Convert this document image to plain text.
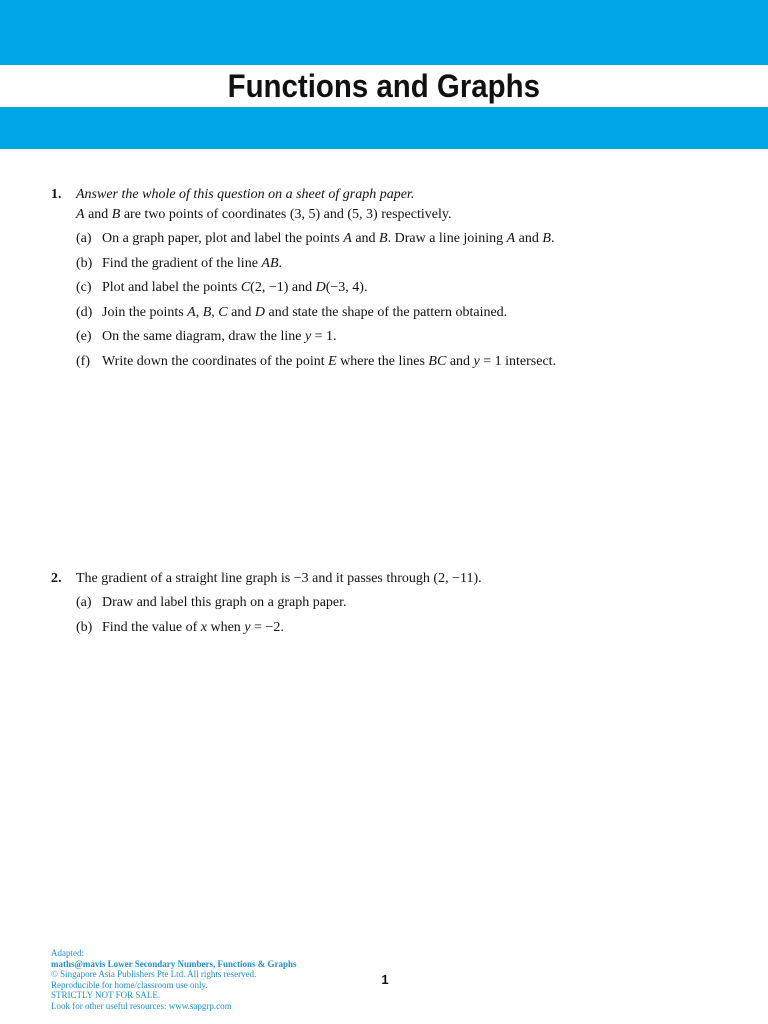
Functions and Graphs
1. Answer the whole of this question on a sheet of graph paper.
A and B are two points of coordinates (3, 5) and (5, 3) respectively.
(a) On a graph paper, plot and label the points A and B. Draw a line joining A and B.
(b) Find the gradient of the line AB.
(c) Plot and label the points C(2, −1) and D(−3, 4).
(d) Join the points A, B, C and D and state the shape of the pattern obtained.
(e) On the same diagram, draw the line y = 1.
(f) Write down the coordinates of the point E where the lines BC and y = 1 intersect.
2. The gradient of a straight line graph is −3 and it passes through (2, −11).
(a) Draw and label this graph on a graph paper.
(b) Find the value of x when y = −2.
Adapted:
maths@mavis Lower Secondary Numbers, Functions & Graphs
© Singapore Asia Publishers Pte Ltd. All rights reserved.
Reproducible for home/classroom use only.
STRICTLY NOT FOR SALE.
Look for other useful resources: www.sapgrp.com
1
